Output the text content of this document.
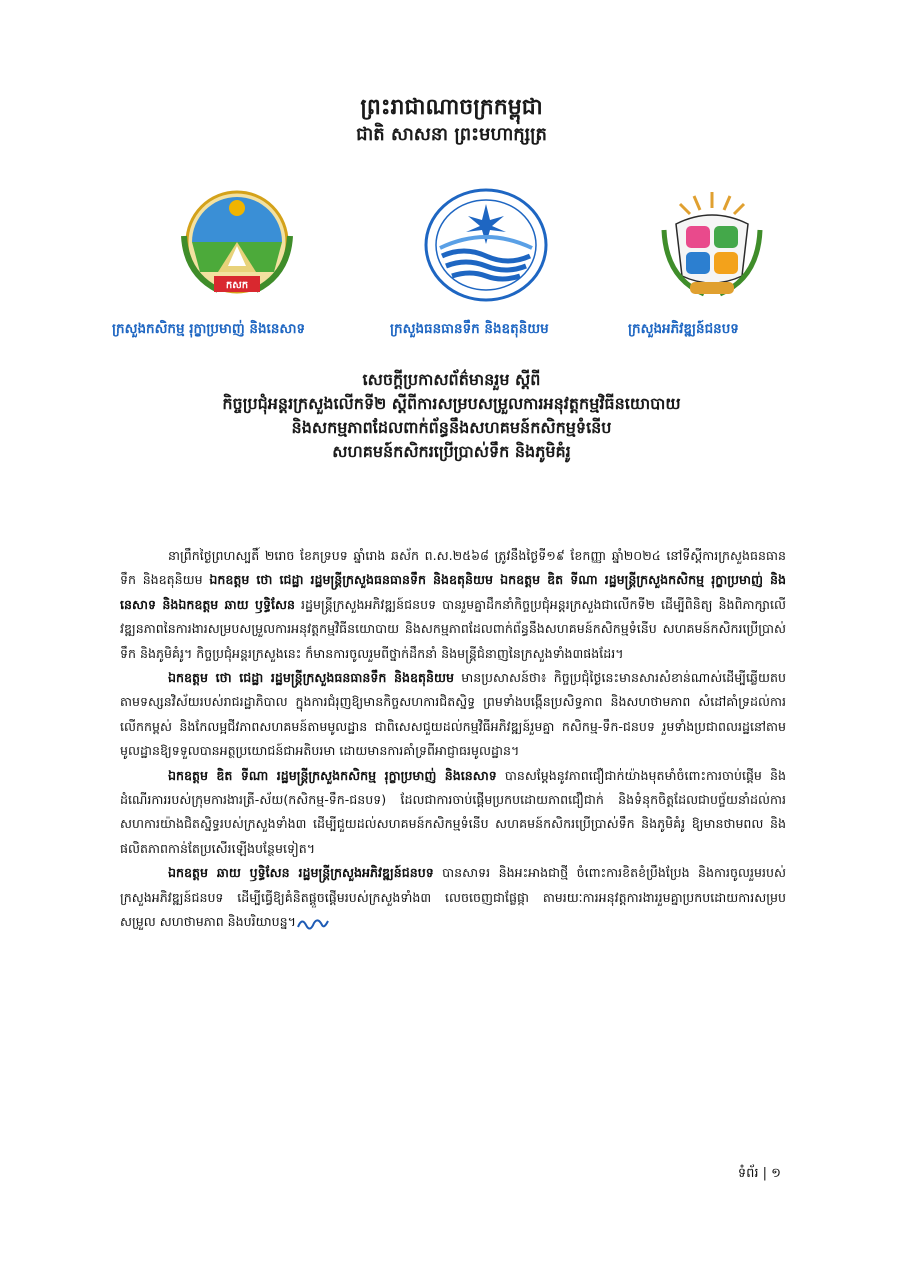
ព្រះរាជាណាចក្រកម្ពុជា
ជាតិ សាសនា ព្រះមហាក្សត្រ
កសក
ក្រសួងកសិកម្ម រុក្ខាប្រមាញ់ និងនេសាទ	ក្រសួងធនធានទឹក និងឧតុនិយម	ក្រសួងអភិវឌ្ឍន៍ជនបទ
សេចក្តីប្រកាសព័ត៌មានរួម ស្តីពី
កិច្ចប្រជុំអន្តរក្រសួងលើកទី២ ស្តីពីការសម្របសម្រួលការអនុវត្តកម្មវិធីនយោបាយ
និងសកម្មភាពដែលពាក់ព័ន្ធនឹងសហគមន៍កសិកម្មទំនើប
សហគមន៍កសិករប្រើប្រាស់ទឹក និងភូមិគំរូ

នាព្រឹកថ្ងៃព្រហស្បតិ៍ ២រោច ខែភទ្របទ ឆ្នាំរោង ឆស័ក ព.ស.២៥៦៨ ត្រូវនឹងថ្ងៃទី១៩ ខែកញ្ញា ឆ្នាំ២០២៤ នៅទីស្តីការក្រសួងធនធានទឹក និងឧតុនិយម ឯកឧត្តម ថោ ជេដ្ឋា រដ្ឋមន្រ្តីក្រសួងធនធានទឹក និងឧតុនិយម ឯកឧត្តម ឌិត ទីណា រដ្ឋមន្រ្តីក្រសួងកសិកម្ម រុក្ខាប្រមាញ់ និងនេសាទ និងឯកឧត្តម ឆាយ ឫទ្ធិសែន រដ្ឋមន្រ្តីក្រសួងអភិវឌ្ឍន៍ជនបទ បានរួមគ្នាដឹកនាំកិច្ចប្រជុំអន្តរក្រសួងជាលើកទី២ ដើម្បីពិនិត្យ និងពិភាក្សាលើវឌ្ឍនភាពនៃការងារសម្របសម្រួលការអនុវត្តកម្មវិធីនយោបាយ និងសកម្មភាពដែលពាក់ព័ន្ធនឹងសហគមន៍កសិកម្មទំនើប សហគមន៍កសិករប្រើប្រាស់ទឹក និងភូមិគំរូ។ កិច្ចប្រជុំអន្តរក្រសួងនេះ ក៏មានការចូលរួមពីថ្នាក់ដឹកនាំ និងមន្ត្រីជំនាញនៃក្រសួងទាំង៣ផងដែរ។

ឯកឧត្តម ថោ ជេដ្ឋា រដ្ឋមន្រ្តីក្រសួងធនធានទឹក និងឧតុនិយម មានប្រសាសន៍ថា៖ កិច្ចប្រជុំថ្ងៃនេះមានសារសំខាន់ណាស់ដើម្បីឆ្លើយតបតាមទស្សនវិស័យរបស់រាជរដ្ឋាភិបាល ក្នុងការជំរុញឱ្យមានកិច្ចសហការជិតស្និទ្ធ ព្រមទាំងបង្កើនប្រសិទ្ធភាព និងសហថាមភាព សំដៅគាំទ្រដល់ការលើកកម្ពស់ និងកែលម្អជីវភាពសហគមន៍តាមមូលដ្ឋាន ជាពិសេសជួយដល់កម្មវិធីអភិវឌ្ឍន៍រួមគ្នា កសិកម្ម-ទឹក-ជនបទ រួមទាំងប្រជាពលរដ្ឋនៅតាមមូលដ្ឋានឱ្យទទួលបានអត្ថប្រយោជន៍ជាអតិបរមា ដោយមានការគាំទ្រពីអាជ្ញាធរមូលដ្ឋាន។

ឯកឧត្តម ឌិត ទីណា រដ្ឋមន្រ្តីក្រសួងកសិកម្ម រុក្ខាប្រមាញ់ និងនេសាទ បានសម្តែងនូវភាពជឿជាក់យ៉ាងមុតមាំចំពោះការចាប់ផ្តើម និងដំណើរការរបស់ក្រុមការងារត្រី-ស័យ(កសិកម្ម-ទឹក-ជនបទ) ដែលជាការចាប់ផ្តើមប្រកបដោយភាពជឿជាក់ និងទំនុកចិត្តដែលជាបច្ច័យនាំដល់ការសហការយ៉ាងជិតស្និទ្ធរបស់ក្រសួងទាំង៣ ដើម្បីជួយដល់សហគមន៍កសិកម្មទំនើប សហគមន៍កសិករប្រើប្រាស់ទឹក និងភូមិគំរូ ឱ្យមានថាមពល និងផលិតភាពកាន់តែប្រសើរឡើងបន្ថែមទៀត។

ឯកឧត្តម ឆាយ ឫទ្ធិសែន រដ្ឋមន្រ្តីក្រសួងអភិវឌ្ឍន៍ជនបទ បានសាទរ និងអះអាងជាថ្មី ចំពោះការខិតខំប្រឹងប្រែង និងការចូលរួមរបស់ក្រសួងអភិវឌ្ឍន៍ជនបទ ដើម្បីធ្វើឱ្យគំនិតផ្តួចផ្តើមរបស់ក្រសួងទាំង៣ លេចចេញជាផ្លែផ្កា តាមរយៈការអនុវត្តការងាររួមគ្នាប្រកបដោយការសម្របសម្រួល សហថាមភាព និងបរិយាបន្ន។

ទំព័រ | ១
